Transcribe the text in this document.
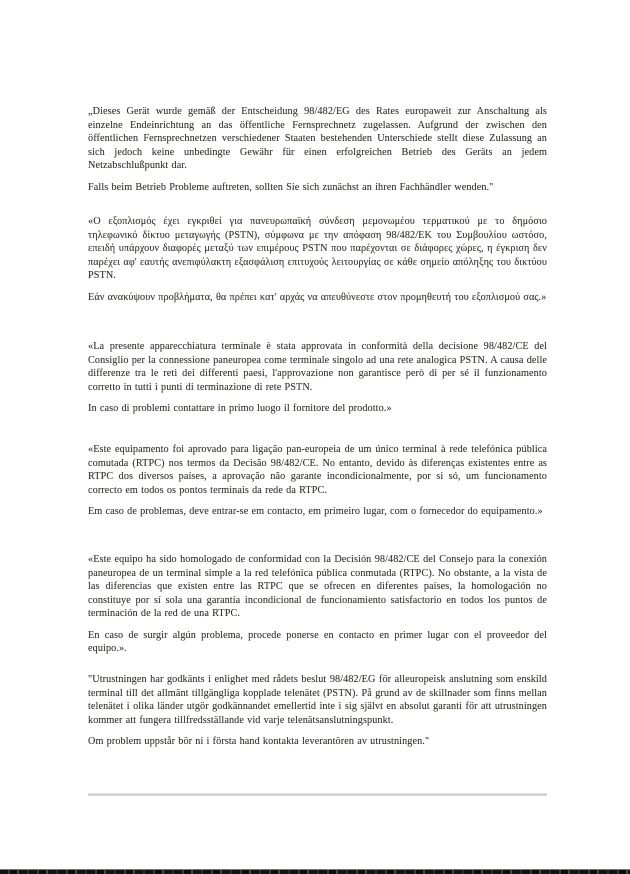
„Dieses Gerät wurde gemäß der Entscheidung 98/482/EG des Rates europaweit zur Anschaltung als einzelne Endeinrichtung an das öffentliche Fernsprechnetz zugelassen. Aufgrund der zwischen den öffentlichen Fernsprechnetzen verschiedener Staaten bestehenden Unterschiede stellt diese Zulassung an sich jedoch keine unbedingte Gewähr für einen erfolgreichen Betrieb des Geräts an jedem Netzabschlußpunkt dar.

Falls beim Betrieb Probleme auftreten, sollten Sie sich zunächst an ihren Fachhändler wenden."

«Ο εξοπλισμός έχει εγκριθεί για πανευρωπαϊκή σύνδεση μεμονωμέου τερματικού με το δημόσιο τηλεφωνικό δίκτυο μεταγωγής (PSTN), σύμφωνα με την απόφαση 98/482/ΕΚ του Συμβουλίου ωστόσο, επειδή υπάρχουν διαφορές μεταξύ των επιμέρους PSTN που παρέχονται σε διάφορες χώρες, η έγκριση δεν παρέχει αφ' εαυτής ανεπιφύλακτη εξασφάλιση επιτυχούς λειτουργίας σε κάθε σημείο απόληξης του δικτύου PSTN.

Εάν ανακύψουν προβλήματα, θα πρέπει κατ' αρχάς να απευθύνεστε στον προμηθευτή του εξοπλισμού σας.»

«La presente apparecchiatura terminale è stata approvata in conformità della decisione 98/482/CE del Consiglio per la connessione paneuropea come terminale singolo ad una rete analogica PSTN. A causa delle differenze tra le reti dei differenti paesi, l'approvazione non garantisce però di per sé il funzionamento corretto in tutti i punti di terminazione di rete PSTN.

In caso di problemi contattare in primo luogo il fornitore del prodotto.»

«Este equipamento foi aprovado para ligação pan-europeia de um único terminal à rede telefónica pública comutada (RTPC) nos termos da Decisão 98/482/CE. No entanto, devido às diferenças existentes entre as RTPC dos diversos países, a aprovação não garante incondicionalmente, por si só, um funcionamento correcto em todos os pontos terminais da rede da RTPC.

Em caso de problemas, deve entrar-se em contacto, em primeiro lugar, com o fornecedor do equipamento.»

«Este equipo ha sido homologado de conformidad con la Decisión 98/482/CE del Consejo para la conexión paneuropea de un terminal simple a la red telefónica pública conmutada (RTPC). No obstante, a la vista de las diferencias que existen entre las RTPC que se ofrecen en diferentes países, la homologación no constituye por sí sola una garantía incondicional de funcionamiento satisfactorio en todos los puntos de terminación de la red de una RTPC.

En caso de surgir algún problema, procede ponerse en contacto en primer lugar con el proveedor del equipo.».

"Utrustningen har godkänts i enlighet med rådets beslut 98/482/EG för alleuropeisk anslutning som enskild terminal till det allmänt tillgängliga kopplade telenätet (PSTN). På grund av de skillnader som finns mellan telenätet i olika länder utgör godkännandet emellertid inte i sig självt en absolut garanti för att utrustningen kommer att fungera tillfredsställande vid varje telenätsanslutningspunkt.

Om problem uppstår bör ni i första hand kontakta leverantören av utrustningen."
